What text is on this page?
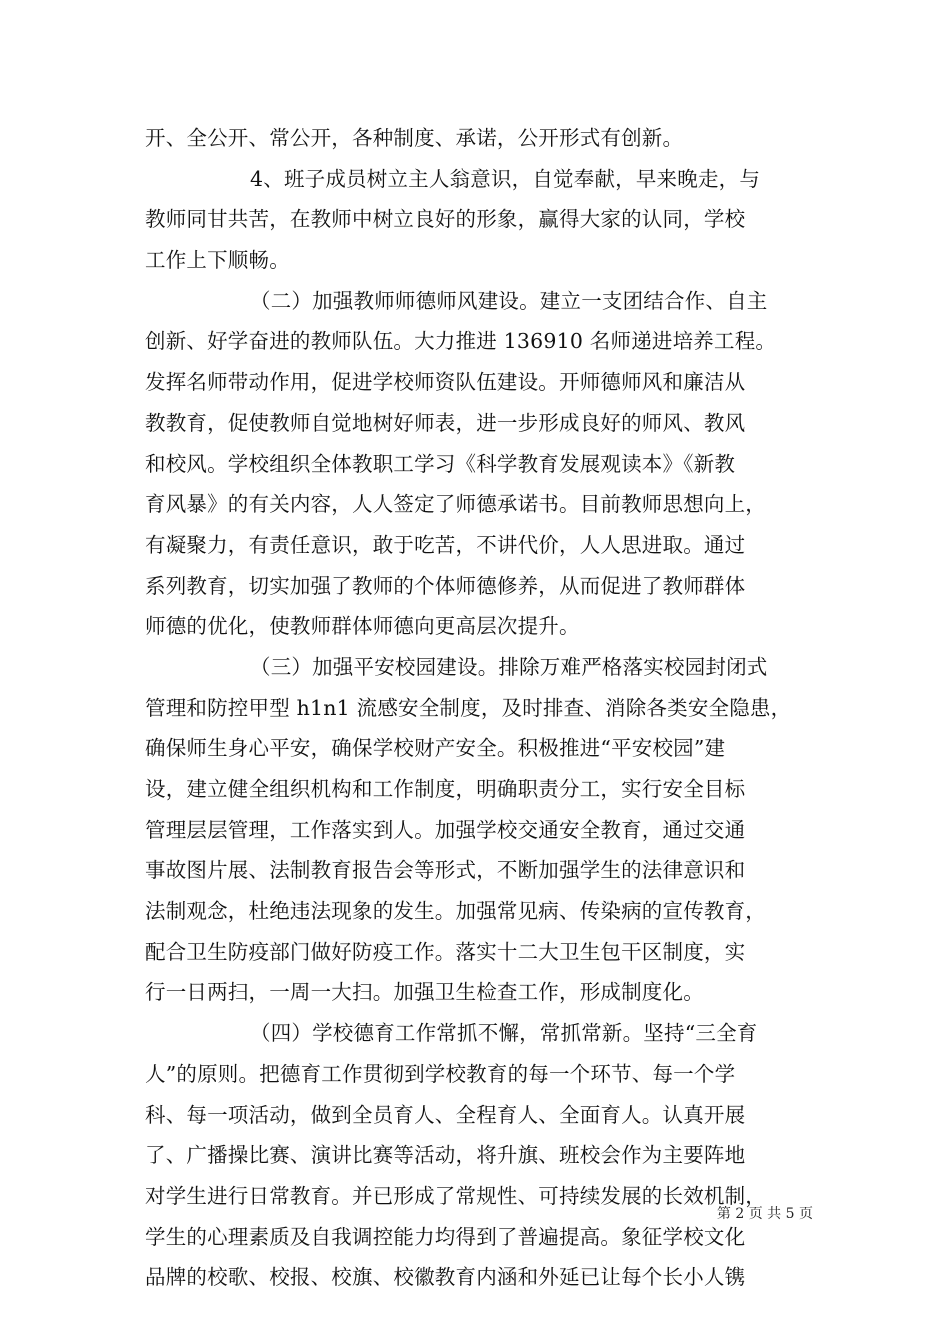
开、全公开、常公开，各种制度、承诺，公开形式有创新。
4、班子成员树立主人翁意识，自觉奉献，早来晚走，与
教师同甘共苦，在教师中树立良好的形象，赢得大家的认同，学校
工作上下顺畅。
（二）加强教师师德师风建设。建立一支团结合作、自主
创新、好学奋进的教师队伍。大力推进 136910 名师递进培养工程。
发挥名师带动作用，促进学校师资队伍建设。开师德师风和廉洁从
教教育，促使教师自觉地树好师表，进一步形成良好的师风、教风
和校风。学校组织全体教职工学习《科学教育发展观读本》《新教
育风暴》的有关内容，人人签定了师德承诺书。目前教师思想向上，
有凝聚力，有责任意识，敢于吃苦，不讲代价，人人思进取。通过
系列教育，切实加强了教师的个体师德修养，从而促进了教师群体
师德的优化，使教师群体师德向更高层次提升。
（三）加强平安校园建设。排除万难严格落实校园封闭式
管理和防控甲型 h1n1 流感安全制度，及时排查、消除各类安全隐患，
确保师生身心平安，确保学校财产安全。积极推进“平安校园”建
设，建立健全组织机构和工作制度，明确职责分工，实行安全目标
管理层层管理，工作落实到人。加强学校交通安全教育，通过交通
事故图片展、法制教育报告会等形式，不断加强学生的法律意识和
法制观念，杜绝违法现象的发生。加强常见病、传染病的宣传教育，
配合卫生防疫部门做好防疫工作。落实十二大卫生包干区制度，实
行一日两扫，一周一大扫。加强卫生检查工作，形成制度化。
（四）学校德育工作常抓不懈，常抓常新。坚持“三全育
人”的原则。把德育工作贯彻到学校教育的每一个环节、每一个学
科、每一项活动，做到全员育人、全程育人、全面育人。认真开展
了、广播操比赛、演讲比赛等活动，将升旗、班校会作为主要阵地
对学生进行日常教育。并已形成了常规性、可持续发展的长效机制，
学生的心理素质及自我调控能力均得到了普遍提高。象征学校文化
品牌的校歌、校报、校旗、校徽教育内涵和外延已让每个长小人镌
第 2 页 共 5 页
